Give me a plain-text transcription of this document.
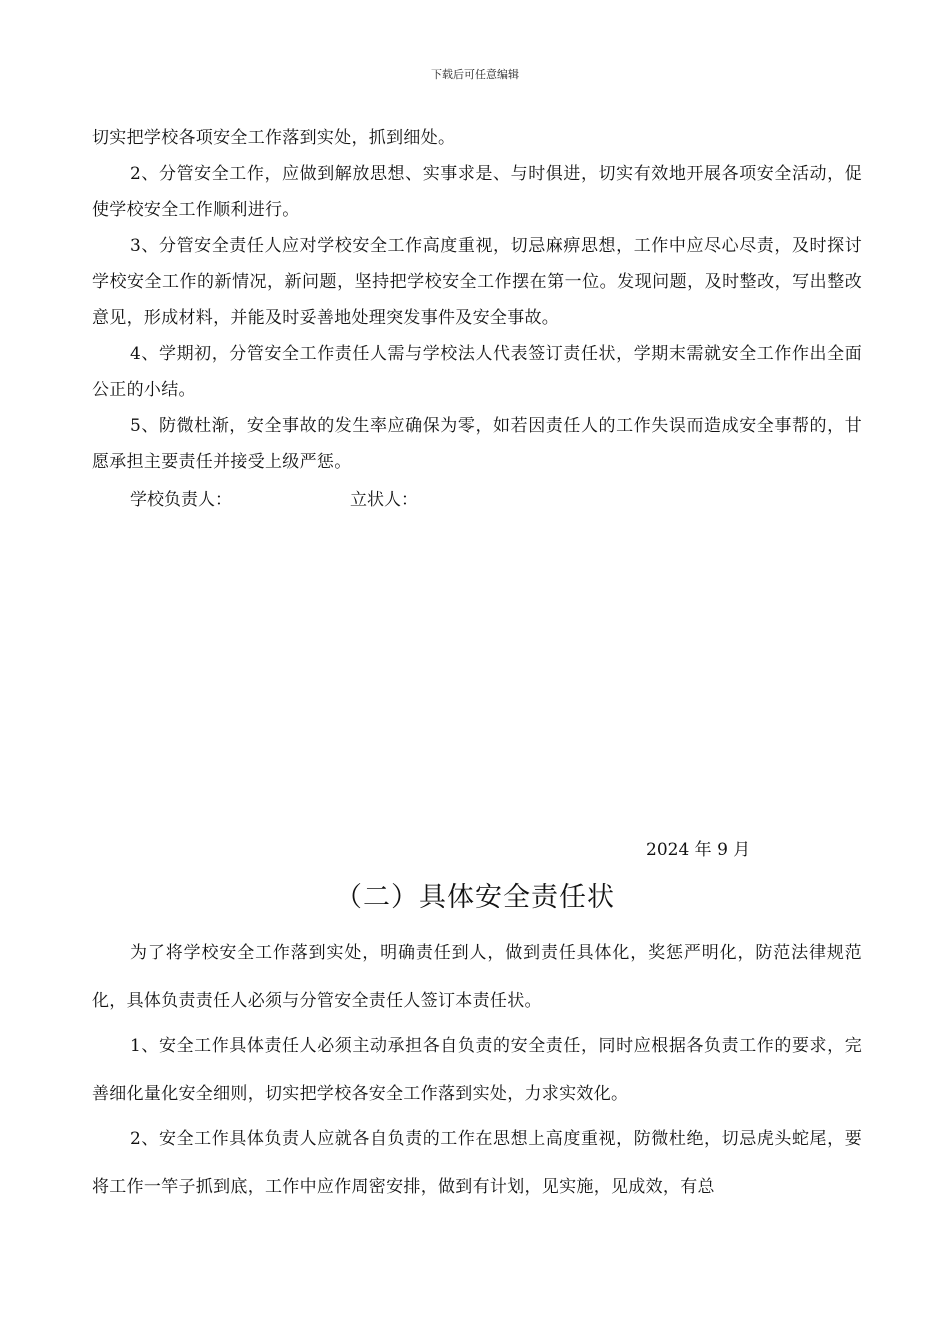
下载后可任意编辑

切实把学校各项安全工作落到实处，抓到细处。

2、分管安全工作，应做到解放思想、实事求是、与时俱进，切实有效地开展各项安全活动，促使学校安全工作顺利进行。

3、分管安全责任人应对学校安全工作高度重视，切忌麻痹思想，工作中应尽心尽责，及时探讨学校安全工作的新情况，新问题，坚持把学校安全工作摆在第一位。发现问题，及时整改，写出整改意见，形成材料，并能及时妥善地处理突发事件及安全事故。

4、学期初，分管安全工作责任人需与学校法人代表签订责任状，学期末需就安全工作作出全面公正的小结。

5、防微杜渐，安全事故的发生率应确保为零，如若因责任人的工作失误而造成安全事帮的，甘愿承担主要责任并接受上级严惩。

学校负责人：	立状人：
2024 年 9 月
（二）具体安全责任状

为了将学校安全工作落到实处，明确责任到人，做到责任具体化，奖惩严明化，防范法律规范化，具体负责责任人必须与分管安全责任人签订本责任状。

1、安全工作具体责任人必须主动承担各自负责的安全责任，同时应根据各负责工作的要求，完善细化量化安全细则，切实把学校各安全工作落到实处，力求实效化。

2、安全工作具体负责人应就各自负责的工作在思想上高度重视，防微杜绝，切忌虎头蛇尾，要将工作一竿子抓到底，工作中应作周密安排，做到有计划，见实施，见成效，有总
